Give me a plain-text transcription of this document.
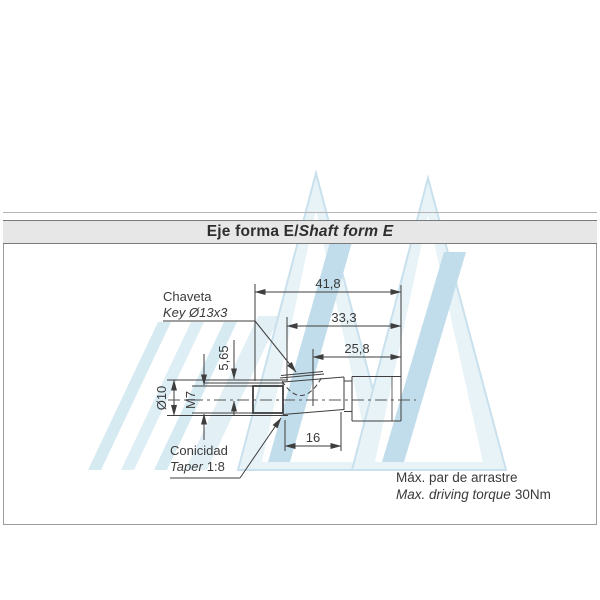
Eje forma E / Shaft form E
41,8
33,3
25,8
16
5,65
Ø10 M7
Chaveta
Key Ø13x3
Conicidad
Taper 1:8
Máx. par de arrastre
Max. driving torque 30Nm
